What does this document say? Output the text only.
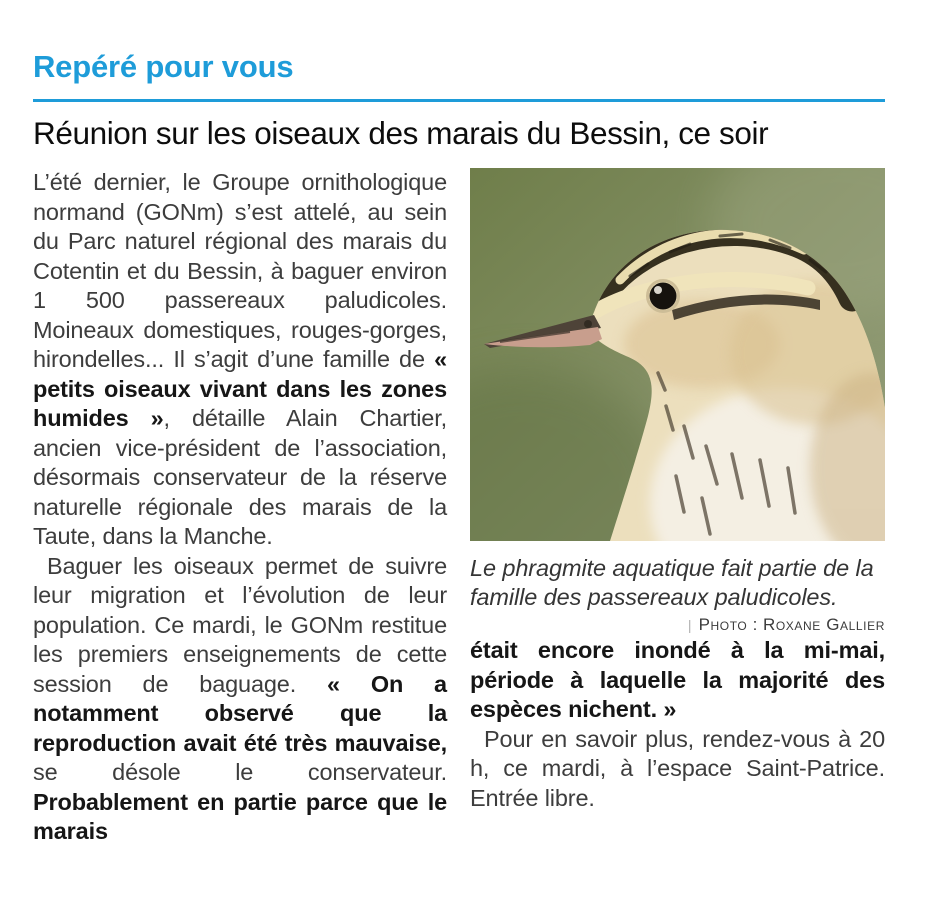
Repéré pour vous
Réunion sur les oiseaux des marais du Bessin, ce soir

L’été dernier, le Groupe ornithologique normand (GONm) s’est attelé, au sein du Parc naturel régional des marais du Cotentin et du Bessin, à baguer environ 1 500 passereaux paludicoles. Moineaux domestiques, rouges-gorges, hirondelles... Il s’agit d’une famille de « petits oiseaux vivant dans les zones humides », détaille Alain Chartier, ancien vice-président de l’association, désormais conservateur de la réserve naturelle régionale des marais de la Taute, dans la Manche.

Baguer les oiseaux permet de suivre leur migration et l’évolution de leur population. Ce mardi, le GONm restitue les premiers enseignements de cette session de baguage. « On a notamment observé que la reproduction avait été très mauvaise, se désole le conservateur. Probablement en partie parce que le marais

Le phragmite aquatique fait partie de la famille des passereaux paludicoles.
| Photo : Roxane Gallier

était encore inondé à la mi-mai, période à laquelle la majorité des espèces nichent. »

Pour en savoir plus, rendez-vous à 20 h, ce mardi, à l’espace Saint-Patrice. Entrée libre.
